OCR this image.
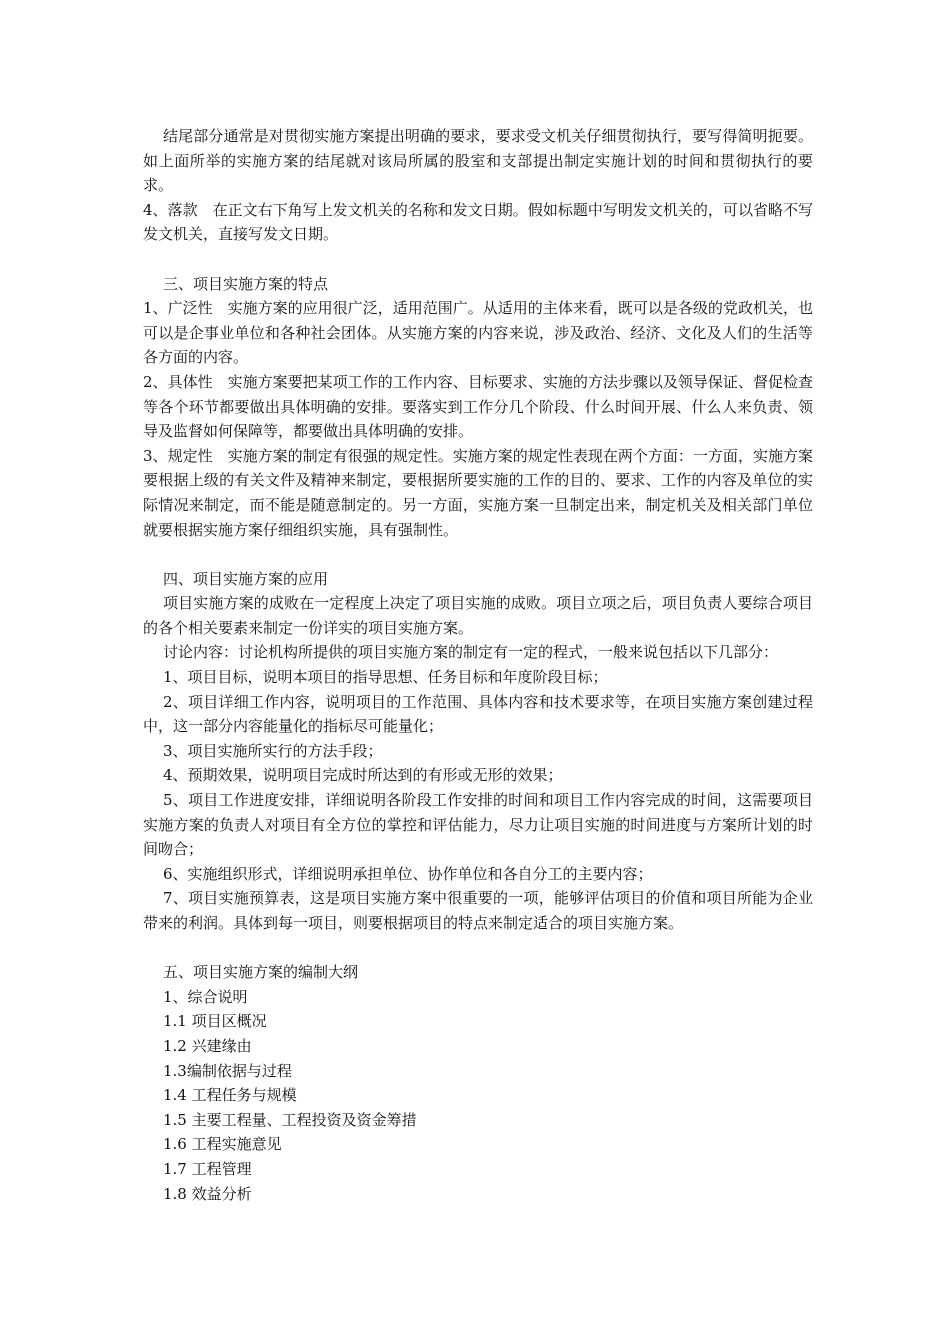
结尾部分通常是对贯彻实施方案提出明确的要求，要求受文机关仔细贯彻执行，要写得简明扼要。如上面所举的实施方案的结尾就对该局所属的股室和支部提出制定实施计划的时间和贯彻执行的要求。

4、落款　在正文右下角写上发文机关的名称和发文日期。假如标题中写明发文机关的，可以省略不写发文机关，直接写发文日期。

三、项目实施方案的特点

1、广泛性　实施方案的应用很广泛，适用范围广。从适用的主体来看，既可以是各级的党政机关，也可以是企事业单位和各种社会团体。从实施方案的内容来说，涉及政治、经济、文化及人们的生活等各方面的内容。

2、具体性　实施方案要把某项工作的工作内容、目标要求、实施的方法步骤以及领导保证、督促检查等各个环节都要做出具体明确的安排。要落实到工作分几个阶段、什么时间开展、什么人来负责、领导及监督如何保障等，都要做出具体明确的安排。

3、规定性　实施方案的制定有很强的规定性。实施方案的规定性表现在两个方面：一方面，实施方案要根据上级的有关文件及精神来制定，要根据所要实施的工作的目的、要求、工作的内容及单位的实际情况来制定，而不能是随意制定的。另一方面，实施方案一旦制定出来，制定机关及相关部门单位就要根据实施方案仔细组织实施，具有强制性。

四、项目实施方案的应用

项目实施方案的成败在一定程度上决定了项目实施的成败。项目立项之后，项目负责人要综合项目的各个相关要素来制定一份详实的项目实施方案。

讨论内容：讨论机构所提供的项目实施方案的制定有一定的程式，一般来说包括以下几部分：

1、项目目标，说明本项目的指导思想、任务目标和年度阶段目标；

2、项目详细工作内容，说明项目的工作范围、具体内容和技术要求等，在项目实施方案创建过程中，这一部分内容能量化的指标尽可能量化；

3、项目实施所实行的方法手段；

4、预期效果，说明项目完成时所达到的有形或无形的效果；

5、项目工作进度安排，详细说明各阶段工作安排的时间和项目工作内容完成的时间，这需要项目实施方案的负责人对项目有全方位的掌控和评估能力，尽力让项目实施的时间进度与方案所计划的时间吻合；

6、实施组织形式，详细说明承担单位、协作单位和各自分工的主要内容；

7、项目实施预算表，这是项目实施方案中很重要的一项，能够评估项目的价值和项目所能为企业带来的利润。具体到每一项目，则要根据项目的特点来制定适合的项目实施方案。

五、项目实施方案的编制大纲

1、综合说明

1.1 项目区概况

1.2 兴建缘由

1.3编制依据与过程

1.4 工程任务与规模

1.5 主要工程量、工程投资及资金筹措

1.6 工程实施意见

1.7 工程管理

1.8 效益分析
